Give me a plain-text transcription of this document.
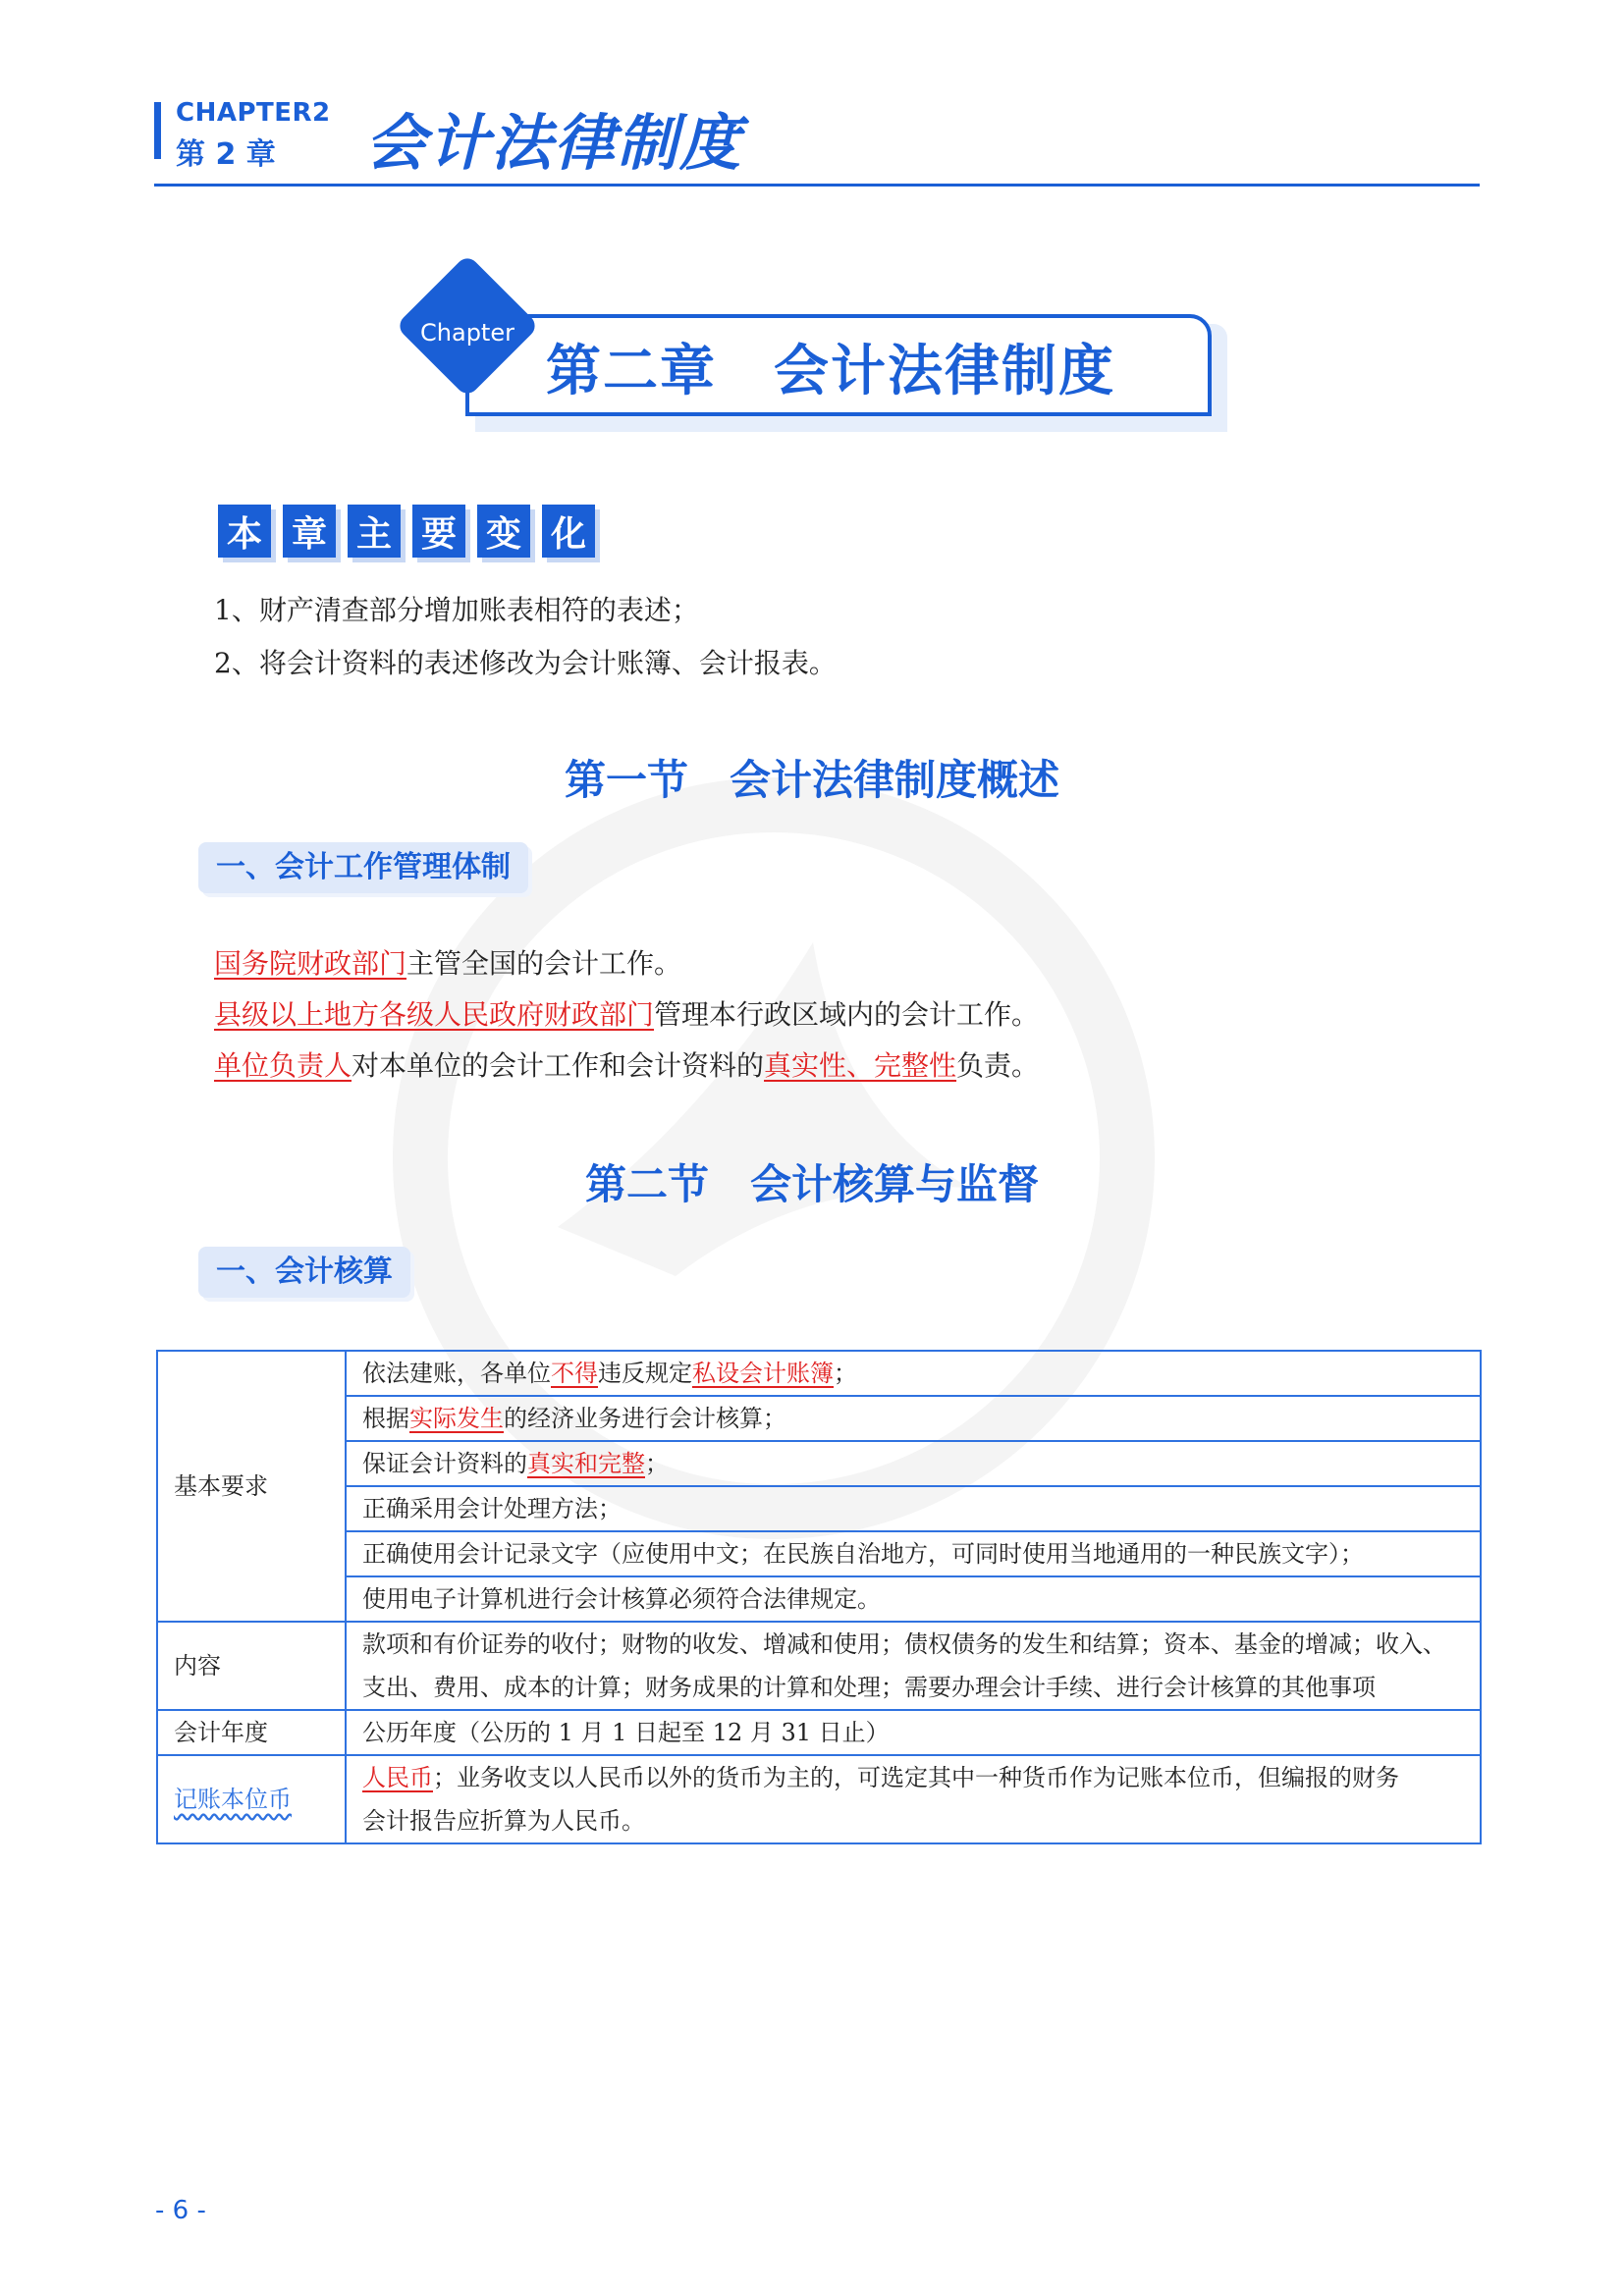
CHAPTER2
第 2 章 会计法律制度
Chapter
第二章　会计法律制度
本 章 主 要 变 化
1、财产清查部分增加账表相符的表述；
2、将会计资料的表述修改为会计账簿、会计报表。
第一节　会计法律制度概述
一、会计工作管理体制
国务院财政部门主管全国的会计工作。
县级以上地方各级人民政府财政部门管理本行政区域内的会计工作。
单位负责人对本单位的会计工作和会计资料的真实性、完整性负责。
第二节　会计核算与监督
一、会计核算
基本要求	依法建账，各单位不得违反规定私设会计账簿；
	根据实际发生的经济业务进行会计核算；
	保证会计资料的真实和完整；
	正确采用会计处理方法；
	正确使用会计记录文字（应使用中文；在民族自治地方，可同时使用当地通用的一种民族文字）；
	使用电子计算机进行会计核算必须符合法律规定。
内容	款项和有价证券的收付；财物的收发、增减和使用；债权债务的发生和结算；资本、基金的增减；收入、
支出、费用、成本的计算；财务成果的计算和处理；需要办理会计手续、进行会计核算的其他事项

会计年度	公历年度（公历的 1 月 1 日起至 12 月 31 日止）
记账本位币	人民币；业务收支以人民币以外的货币为主的，可选定其中一种货币作为记账本位币，但编报的财务
会计报告应折算为人民币。
- 6 -
